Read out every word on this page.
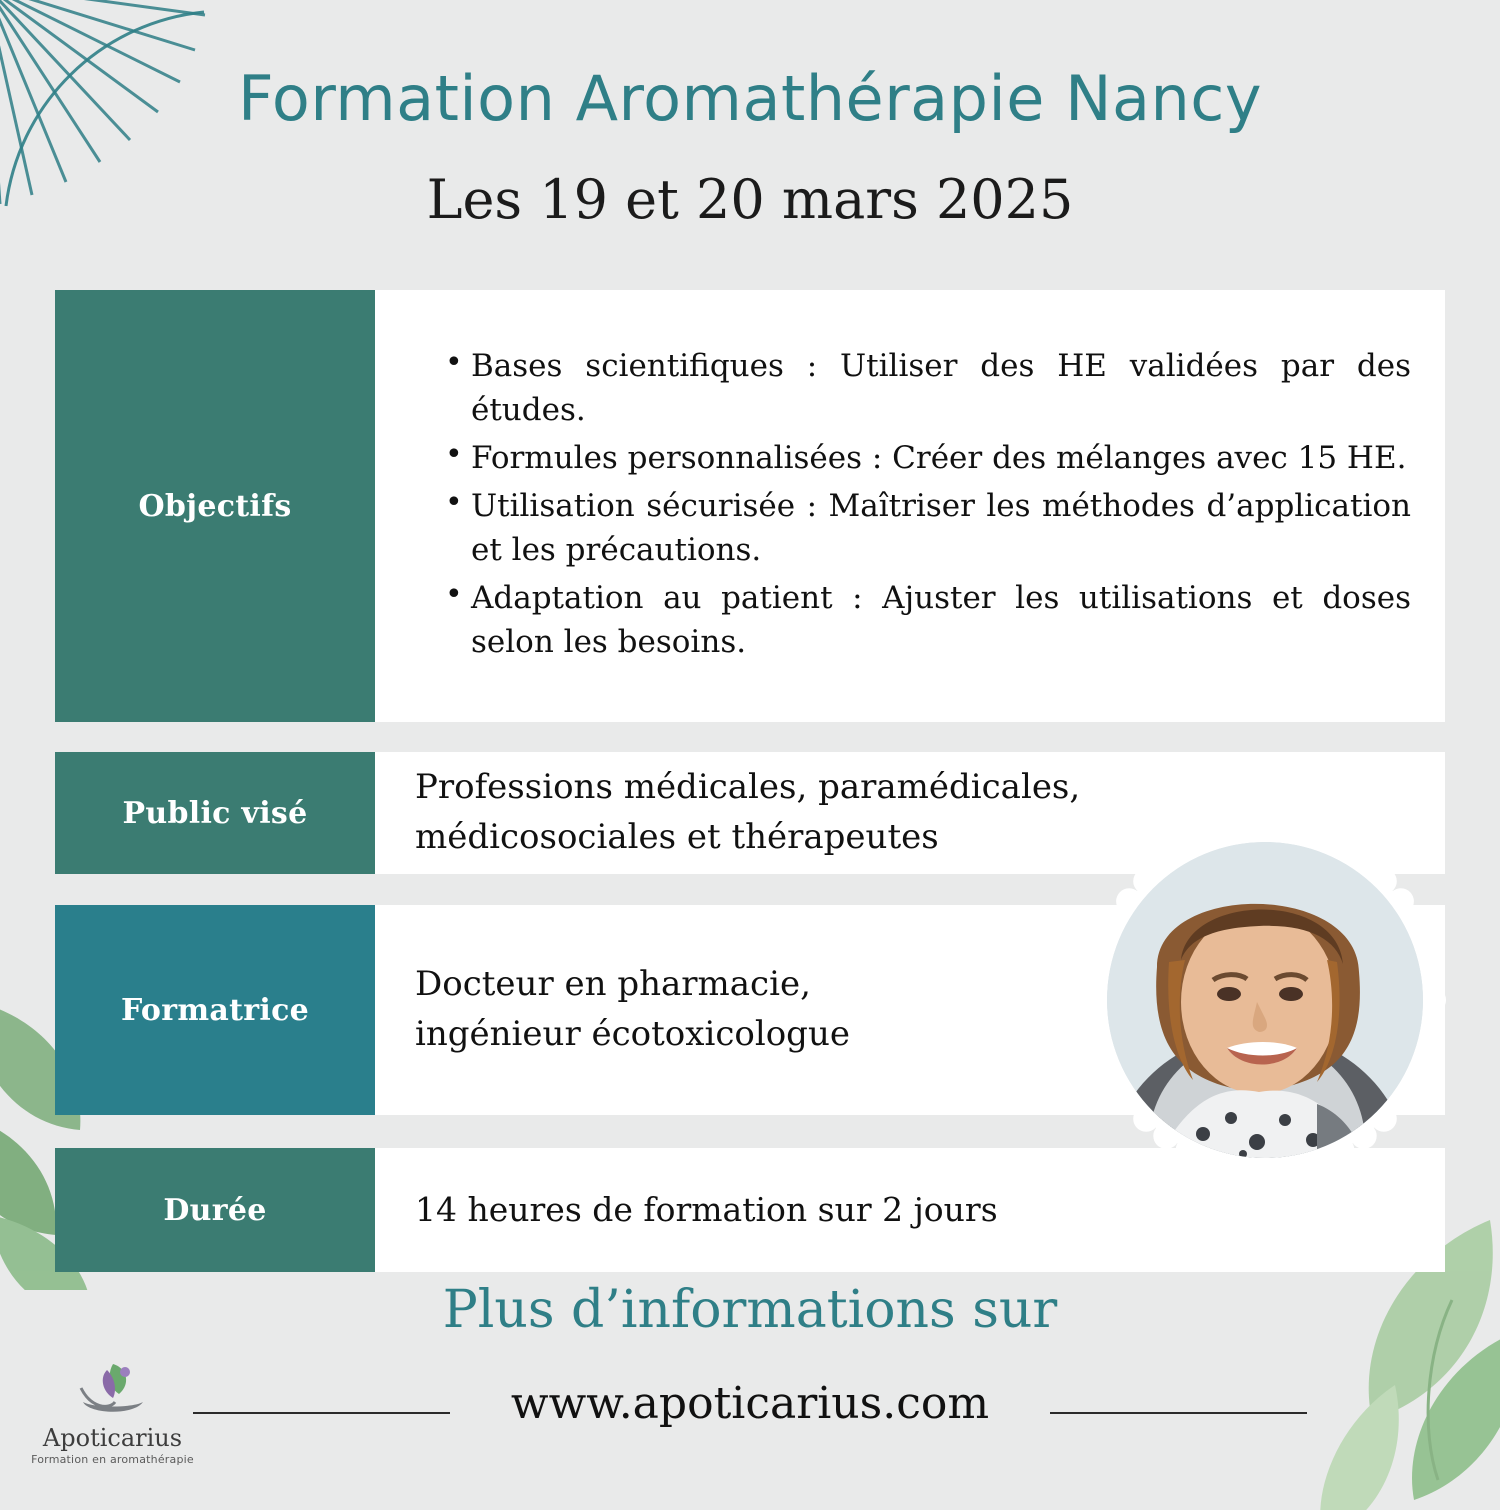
Formation Aromathérapie Nancy
Les 19 et 20 mars 2025
Objectifs
• Bases scientifiques : Utiliser des HE validées par des études.
• Formules personnalisées : Créer des mélanges avec 15 HE.
• Utilisation sécurisée : Maîtriser les méthodes d’application et les précautions.
• Adaptation au patient : Ajuster les utilisations et doses selon les besoins.
Public visé
Professions médicales, paramédicales,
médicosociales et thérapeutes
Formatrice
Docteur en pharmacie,
ingénieur écotoxicologue
Durée	14 heures de formation sur 2 jours
Plus d’informations sur
www.apoticarius.com
Apoticarius
Formation en aromathérapie
